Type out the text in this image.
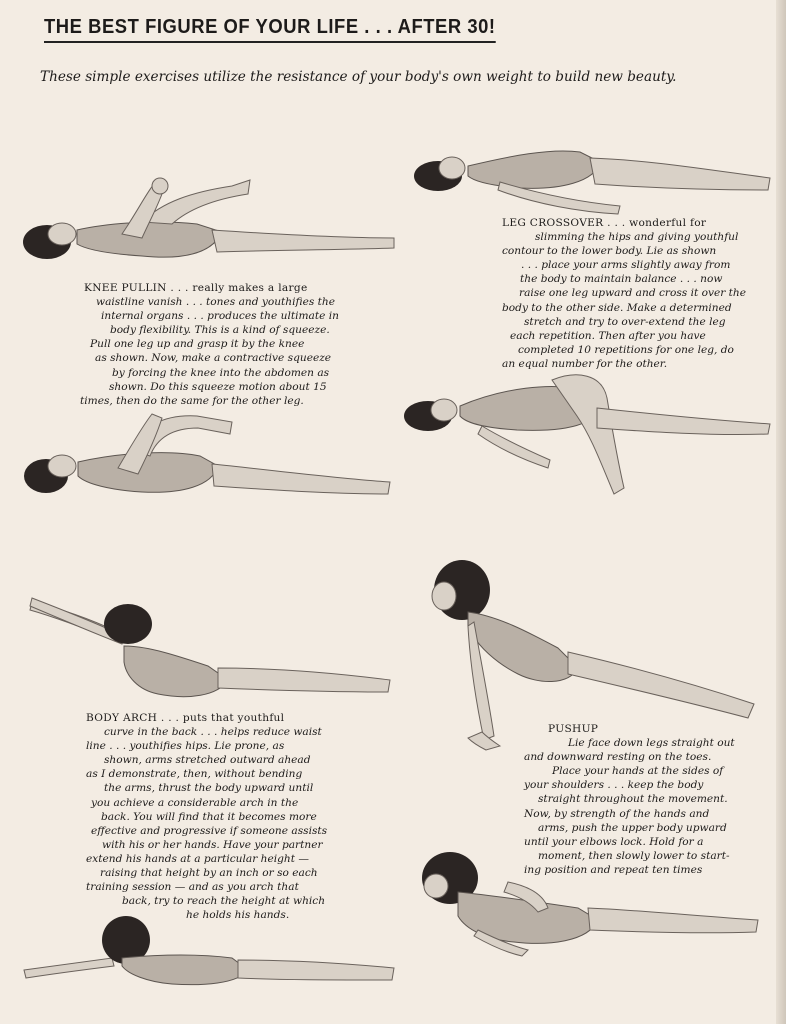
THE BEST FIGURE OF YOUR LIFE . . . AFTER 30!
These simple exercises utilize the resistance of your body's own weight to build new beauty.

KNEE PULLIN . . . really makes a large

waistline vanish . . . tones and youthifies the

internal organs . . . produces the ultimate in

body flexibility. This is a kind of squeeze.

Pull one leg up and grasp it by the knee

as shown. Now, make a contractive squeeze

by forcing the knee into the abdomen as

shown. Do this squeeze motion about 15

times, then do the same for the other leg.

LEG CROSSOVER . . . wonderful for

slimming the hips and giving youthful

contour to the lower body. Lie as shown

. . . place your arms slightly away from

the body to maintain balance . . . now

raise one leg upward and cross it over the

body to the other side. Make a determined

stretch and try to over-extend the leg

each repetition. Then after you have

completed 10 repetitions for one leg, do

an equal number for the other.

BODY ARCH . . . puts that youthful

curve in the back . . . helps reduce waist

line . . . youthifies hips. Lie prone, as

shown, arms stretched outward ahead

as I demonstrate, then, without bending

the arms, thrust the body upward until

you achieve a considerable arch in the

back. You will find that it becomes more

effective and progressive if someone assists

with his or her hands. Have your partner

extend his hands at a particular height —

raising that height by an inch or so each

training session — and as you arch that

back, try to reach the height at which

he holds his hands.

PUSHUP

Lie face down legs straight out

and downward resting on the toes.

Place your hands at the sides of

your shoulders . . . keep the body

straight throughout the movement.

Now, by strength of the hands and

arms, push the upper body upward

until your elbows lock. Hold for a

moment, then slowly lower to start-

ing position and repeat ten times
